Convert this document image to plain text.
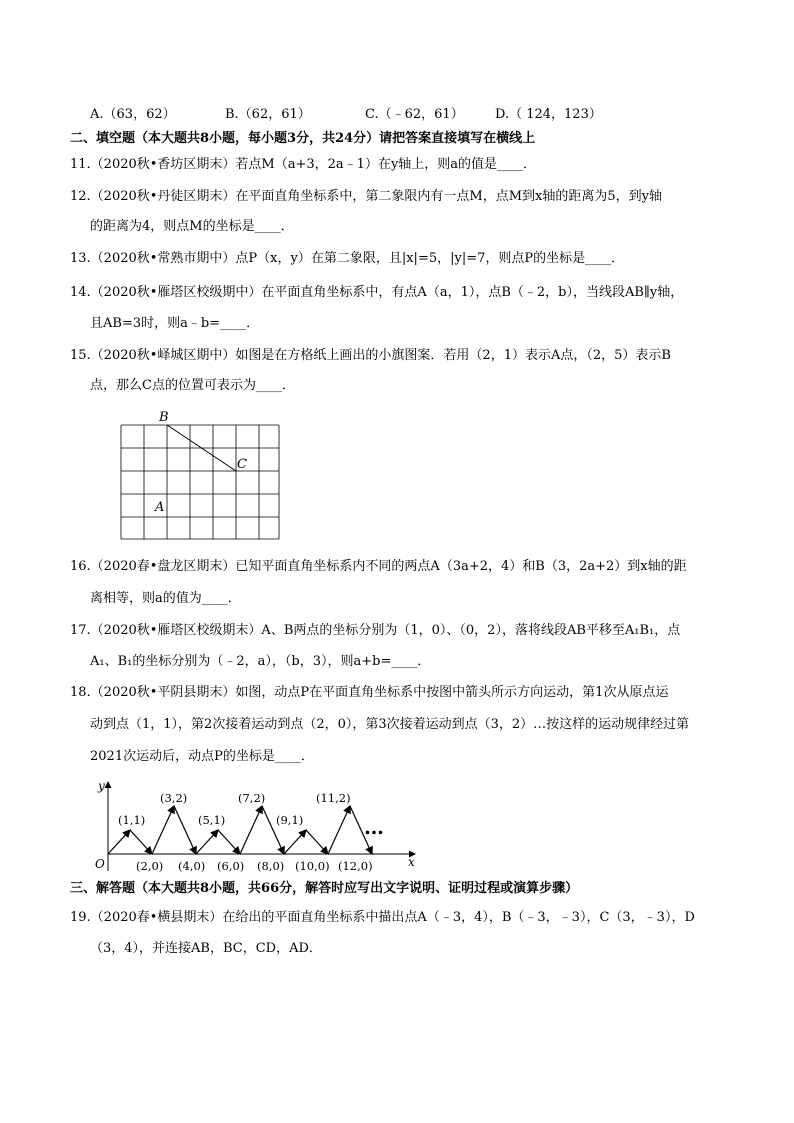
A.（63，62）	B.（62，61）	C.（﹣62，61） D.（ 124，123）
二、填空题（本大题共8小题，每小题3分，共24分）请把答案直接填写在横线上
11.（2020秋•香坊区期末）若点M（a+3，2a﹣1）在y轴上，则a的值是____．
12.（2020秋•丹徒区期末）在平面直角坐标系中，第二象限内有一点M，点M到x轴的距离为5，到y轴
的距离为4，则点M的坐标是____．
13.（2020秋•常熟市期中）点P（x，y）在第二象限，且|x|=5，|y|=7，则点P的坐标是____．
14.（2020秋•雁塔区校级期中）在平面直角坐标系中，有点A（a，1），点B（﹣2，b），当线段AB∥y轴，
且AB=3时，则a﹣b=____．
15.（2020秋•峄城区期中）如图是在方格纸上画出的小旗图案．若用（2，1）表示A点，（2，5）表示B
点，那么C点的位置可表示为____．
B
C
A
16.（2020春•盘龙区期末）已知平面直角坐标系内不同的两点A（3a+2，4）和B（3，2a+2）到x轴的距
离相等，则a的值为____．
17.（2020秋•雁塔区校级期末）A、B两点的坐标分别为（1，0）、（0，2），落将线段AB平移至A₁B₁，点
A₁、B₁的坐标分别为（﹣2，a），（b，3），则a+b=____．
18.（2020秋•平阴县期末）如图，动点P在平面直角坐标系中按图中箭头所示方向运动，第1次从原点运
动到点（1，1），第2次接着运动到点（2，0），第3次接着运动到点（3，2）…按这样的运动规律经过第
2021次运动后，动点P的坐标是____．
y
x
O
(1,1)
(3,2)
(5,1)
(7,2)
(9,1)
(11,2)
(2,0) (4,0) (6,0) (8,0) (10,0) (12,0)
…
三、解答题（本大题共8小题，共66分，解答时应写出文字说明、证明过程或演算步骤）
19.（2020春•横县期末）在给出的平面直角坐标系中描出点A（﹣3，4），B（﹣3，﹣3），C（3，﹣3），D
（3，4），并连接AB，BC，CD，AD．
